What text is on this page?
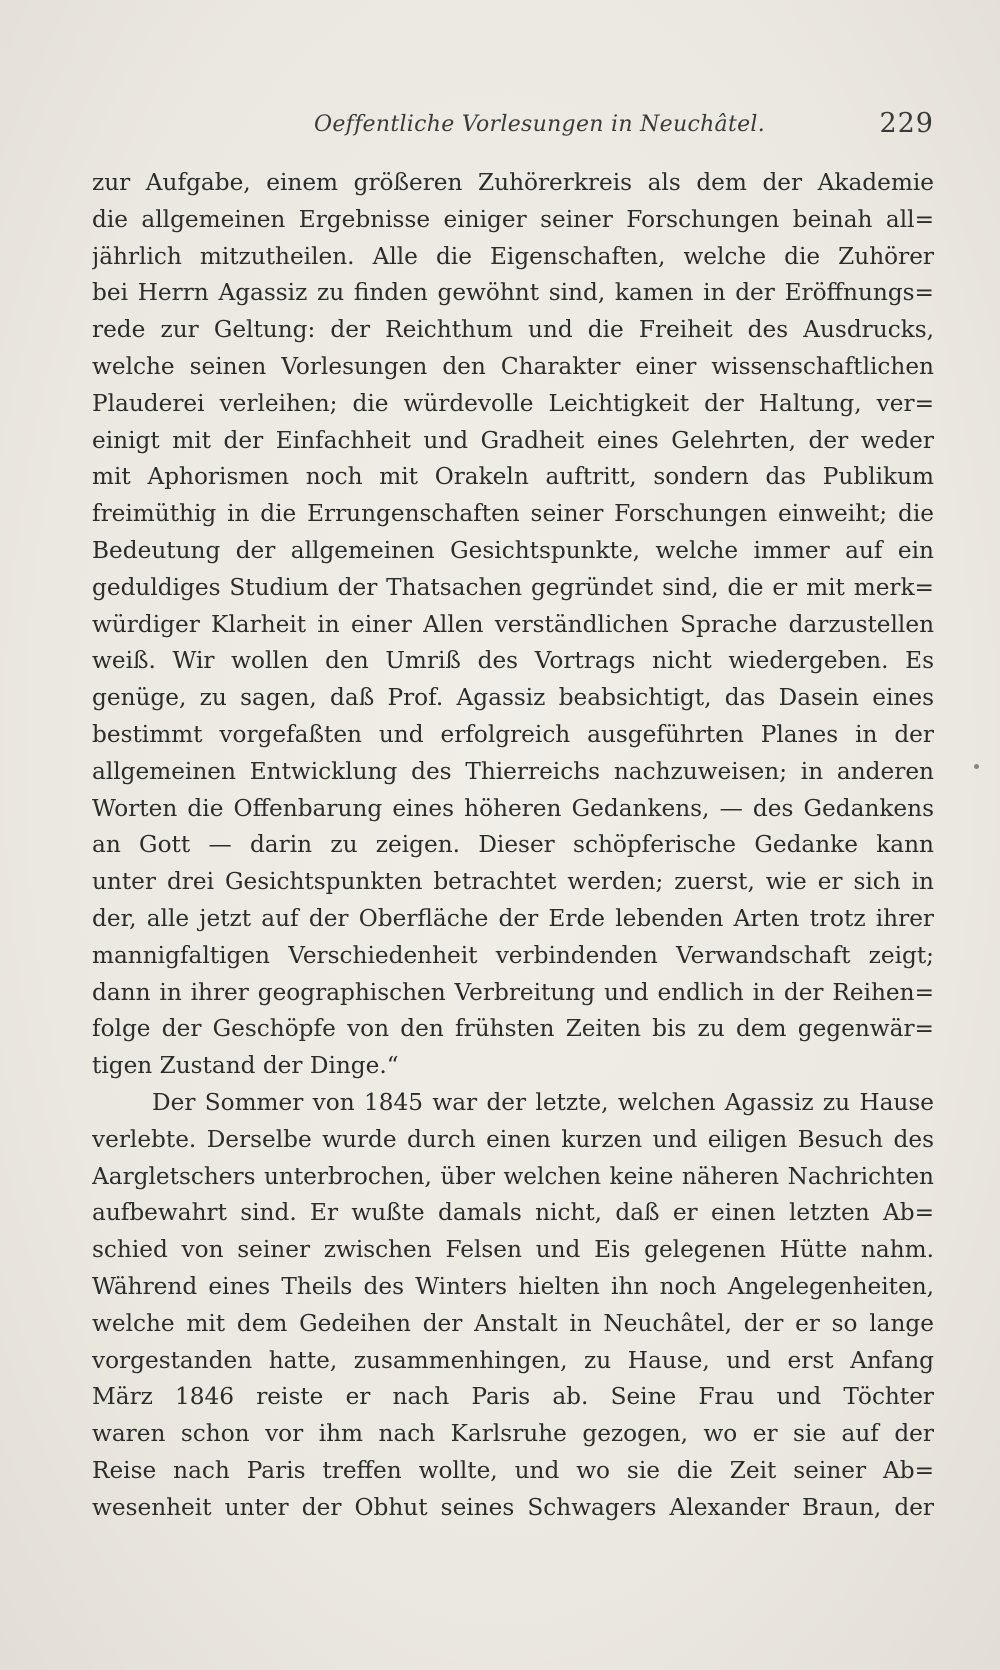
Oeffentliche Vorlesungen in Neuchâtel.	229
zur Aufgabe, einem größeren Zuhörerkreis als dem der Akademie
die allgemeinen Ergebnisse einiger seiner Forschungen beinah all=
jährlich mitzutheilen. Alle die Eigenschaften, welche die Zuhörer
bei Herrn Agassiz zu finden gewöhnt sind, kamen in der Eröffnungs=
rede zur Geltung: der Reichthum und die Freiheit des Ausdrucks,
welche seinen Vorlesungen den Charakter einer wissenschaftlichen
Plauderei verleihen; die würdevolle Leichtigkeit der Haltung, ver=
einigt mit der Einfachheit und Gradheit eines Gelehrten, der weder
mit Aphorismen noch mit Orakeln auftritt, sondern das Publikum
freimüthig in die Errungenschaften seiner Forschungen einweiht; die
Bedeutung der allgemeinen Gesichtspunkte, welche immer auf ein
geduldiges Studium der Thatsachen gegründet sind, die er mit merk=
würdiger Klarheit in einer Allen verständlichen Sprache darzustellen
weiß. Wir wollen den Umriß des Vortrags nicht wiedergeben. Es
genüge, zu sagen, daß Prof. Agassiz beabsichtigt, das Dasein eines
bestimmt vorgefaßten und erfolgreich ausgeführten Planes in der
allgemeinen Entwicklung des Thierreichs nachzuweisen; in anderen
Worten die Offenbarung eines höheren Gedankens, — des Gedankens
an Gott — darin zu zeigen. Dieser schöpferische Gedanke kann
unter drei Gesichtspunkten betrachtet werden; zuerst, wie er sich in
der, alle jetzt auf der Oberfläche der Erde lebenden Arten trotz ihrer
mannigfaltigen Verschiedenheit verbindenden Verwandschaft zeigt;
dann in ihrer geographischen Verbreitung und endlich in der Reihen=
folge der Geschöpfe von den frühsten Zeiten bis zu dem gegenwär=
tigen Zustand der Dinge.“
Der Sommer von 1845 war der letzte, welchen Agassiz zu Hause
verlebte. Derselbe wurde durch einen kurzen und eiligen Besuch des
Aargletschers unterbrochen, über welchen keine näheren Nachrichten
aufbewahrt sind. Er wußte damals nicht, daß er einen letzten Ab=
schied von seiner zwischen Felsen und Eis gelegenen Hütte nahm.
Während eines Theils des Winters hielten ihn noch Angelegenheiten,
welche mit dem Gedeihen der Anstalt in Neuchâtel, der er so lange
vorgestanden hatte, zusammenhingen, zu Hause, und erst Anfang
März 1846 reiste er nach Paris ab. Seine Frau und Töchter
waren schon vor ihm nach Karlsruhe gezogen, wo er sie auf der
Reise nach Paris treffen wollte, und wo sie die Zeit seiner Ab=
wesenheit unter der Obhut seines Schwagers Alexander Braun, der
